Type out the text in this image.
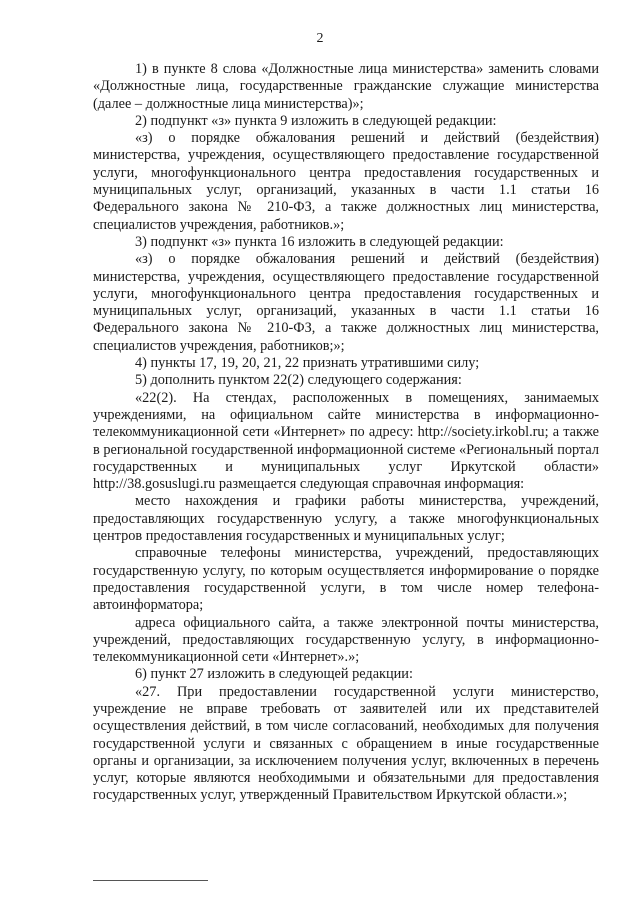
2

1) в пункте 8 слова «Должностные лица министерства» заменить словами «Должностные лица, государственные гражданские служащие министерства (далее – должностные лица министерства)»;

2) подпункт «з» пункта 9 изложить в следующей редакции:

«з) о порядке обжалования решений и действий (бездействия) министерства, учреждения, осуществляющего предоставление государственной услуги, многофункционального центра предоставления государственных и муниципальных услуг, организаций, указанных в части 1.1 статьи 16 Федерального закона № 210-ФЗ, а также должностных лиц министерства, специалистов учреждения, работников.»;

3) подпункт «з» пункта 16 изложить в следующей редакции:

«з) о порядке обжалования решений и действий (бездействия) министерства, учреждения, осуществляющего предоставление государственной услуги, многофункционального центра предоставления государственных и муниципальных услуг, организаций, указанных в части 1.1 статьи 16 Федерального закона № 210-ФЗ, а также должностных лиц министерства, специалистов учреждения, работников;»;

4) пункты 17, 19, 20, 21, 22 признать утратившими силу;

5) дополнить пунктом 22(2) следующего содержания:

«22(2). На стендах, расположенных в помещениях, занимаемых учреждениями, на официальном сайте министерства в информационно-телекоммуникационной сети «Интернет» по адресу: http://society.irkobl.ru; а также в региональной государственной информационной системе «Региональный портал государственных и муниципальных услуг Иркутской области» http://38.gosuslugi.ru размещается следующая справочная информация:

место нахождения и графики работы министерства, учреждений, предоставляющих государственную услугу, а также многофункциональных центров предоставления государственных и муниципальных услуг;

справочные телефоны министерства, учреждений, предоставляющих государственную услугу, по которым осуществляется информирование о порядке предоставления государственной услуги, в том числе номер телефона-автоинформатора;

адреса официального сайта, а также электронной почты министерства, учреждений, предоставляющих государственную услугу, в информационно-телекоммуникационной сети «Интернет».»;

6) пункт 27 изложить в следующей редакции:

«27. При предоставлении государственной услуги министерство, учреждение не вправе требовать от заявителей или их представителей осуществления действий, в том числе согласований, необходимых для получения государственной услуги и связанных с обращением в иные государственные органы и организации, за исключением получения услуг, включенных в перечень услуг, которые являются необходимыми и обязательными для предоставления государственных услуг, утвержденный Правительством Иркутской области.»;
